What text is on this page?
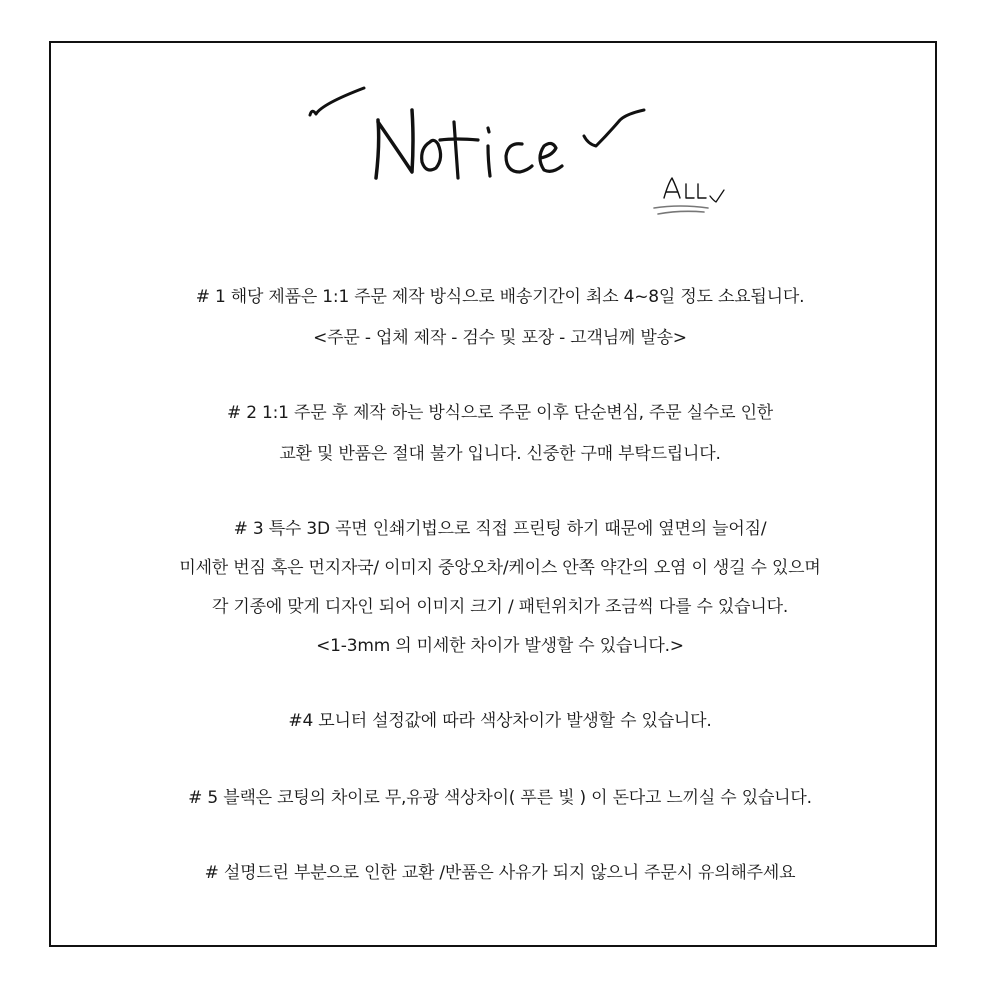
# 1 해당 제품은 1:1 주문 제작 방식으로 배송기간이 최소 4~8일 정도 소요됩니다.
<주문 - 업체 제작 - 검수 및 포장 - 고객님께 발송>
# 2 1:1 주문 후 제작 하는 방식으로 주문 이후 단순변심, 주문 실수로 인한
교환 및 반품은 절대 불가 입니다. 신중한 구매 부탁드립니다.
# 3 특수 3D 곡면 인쇄기법으로 직접 프린팅 하기 때문에 옆면의 늘어짐/
미세한 번짐 혹은 먼지자국/ 이미지 중앙오차/케이스 안쪽 약간의 오염 이 생길 수 있으며
각 기종에 맞게 디자인 되어 이미지 크기 / 패턴위치가 조금씩 다를 수 있습니다.
<1-3mm 의 미세한 차이가 발생할 수 있습니다.>
#4 모니터 설정값에 따라 색상차이가 발생할 수 있습니다.
# 5 블랙은 코팅의 차이로 무,유광 색상차이( 푸른 빛 ) 이 돈다고 느끼실 수 있습니다.
# 설명드린 부분으로 인한 교환 /반품은 사유가 되지 않으니 주문시 유의해주세요
